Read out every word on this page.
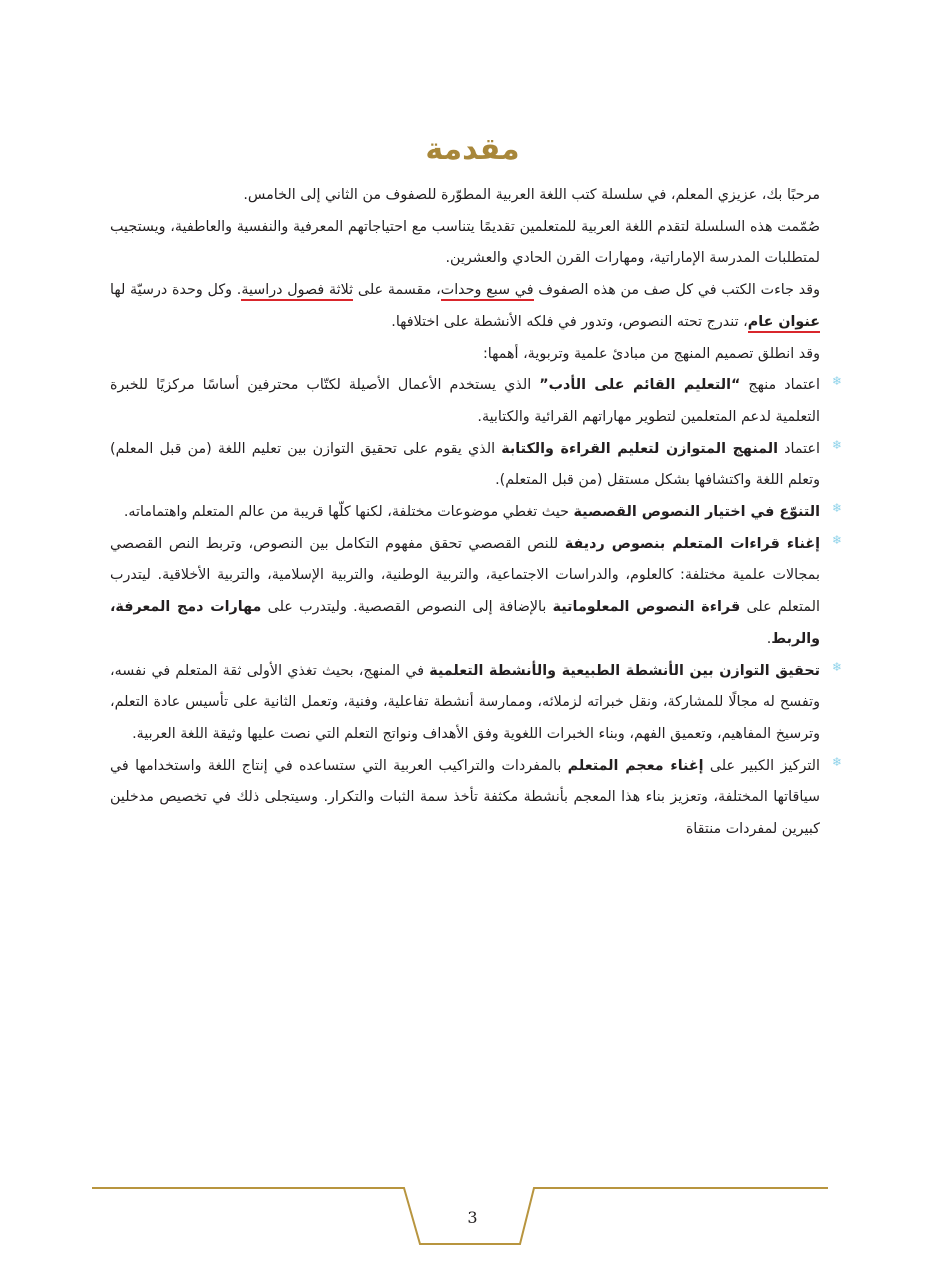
مقدمة

مرحبًا بك، عزيزي المعلم، في سلسلة كتب اللغة العربية المطوّرة للصفوف من الثاني إلى الخامس.

صُمّمت هذه السلسلة لتقدم اللغة العربية للمتعلمين تقديمًا يتناسب مع احتياجاتهم المعرفية والنفسية والعاطفية، ويستجيب لمتطلبات المدرسة الإماراتية، ومهارات القرن الحادي والعشرين.

وقد جاءت الكتب في كل صف من هذه الصفوف في سبع وحدات، مقسمة على ثلاثة فصول دراسية. وكل وحدة درسيّة لها عنوان عام، تندرج تحته النصوص، وتدور في فلكه الأنشطة على اختلافها.

وقد انطلق تصميم المنهج من مبادئ علمية وتربوية، أهمها:

❄
اعتماد منهج “التعليم القائم على الأدب” الذي يستخدم الأعمال الأصيلة لكتّاب محترفين أساسًا مركزيًا للخبرة التعلمية لدعم المتعلمين لتطوير مهاراتهم القرائية والكتابية.
❄
اعتماد المنهج المتوازن لتعليم القراءة والكتابة الذي يقوم على تحقيق التوازن بين تعليم اللغة (من قبل المعلم) وتعلم اللغة واكتشافها بشكل مستقل (من قبل المتعلم).
❄
التنوّع في اختيار النصوص القصصية حيث تغطي موضوعات مختلفة، لكنها كلّها قريبة من عالم المتعلم واهتماماته.
❄
إغناء قراءات المتعلم بنصوص رديفة للنص القصصي تحقق مفهوم التكامل بين النصوص، وتربط النص القصصي بمجالات علمية مختلفة: كالعلوم، والدراسات الاجتماعية، والتربية الوطنية، والتربية الإسلامية، والتربية الأخلاقية. ليتدرب المتعلم على قراءة النصوص المعلوماتية بالإضافة إلى النصوص القصصية. وليتدرب على مهارات دمج المعرفة، والربط.
❄
تحقيق التوازن بين الأنشطة الطبيعية والأنشطة التعلمية في المنهج، بحيث تغذي الأولى ثقة المتعلم في نفسه، وتفسح له مجالًا للمشاركة، ونقل خبراته لزملائه، وممارسة أنشطة تفاعلية، وفنية، وتعمل الثانية على تأسيس عادة التعلم، وترسيخ المفاهيم، وتعميق الفهم، وبناء الخبرات اللغوية وفق الأهداف ونواتج التعلم التي نصت عليها وثيقة اللغة العربية.
❄
التركيز الكبير على إغناء معجم المتعلم بالمفردات والتراكيب العربية التي ستساعده في إنتاج اللغة واستخدامها في سياقاتها المختلفة، وتعزيز بناء هذا المعجم بأنشطة مكثفة تأخذ سمة الثبات والتكرار. وسيتجلى ذلك في تخصيص مدخلين كبيرين لمفردات منتقاة
3
